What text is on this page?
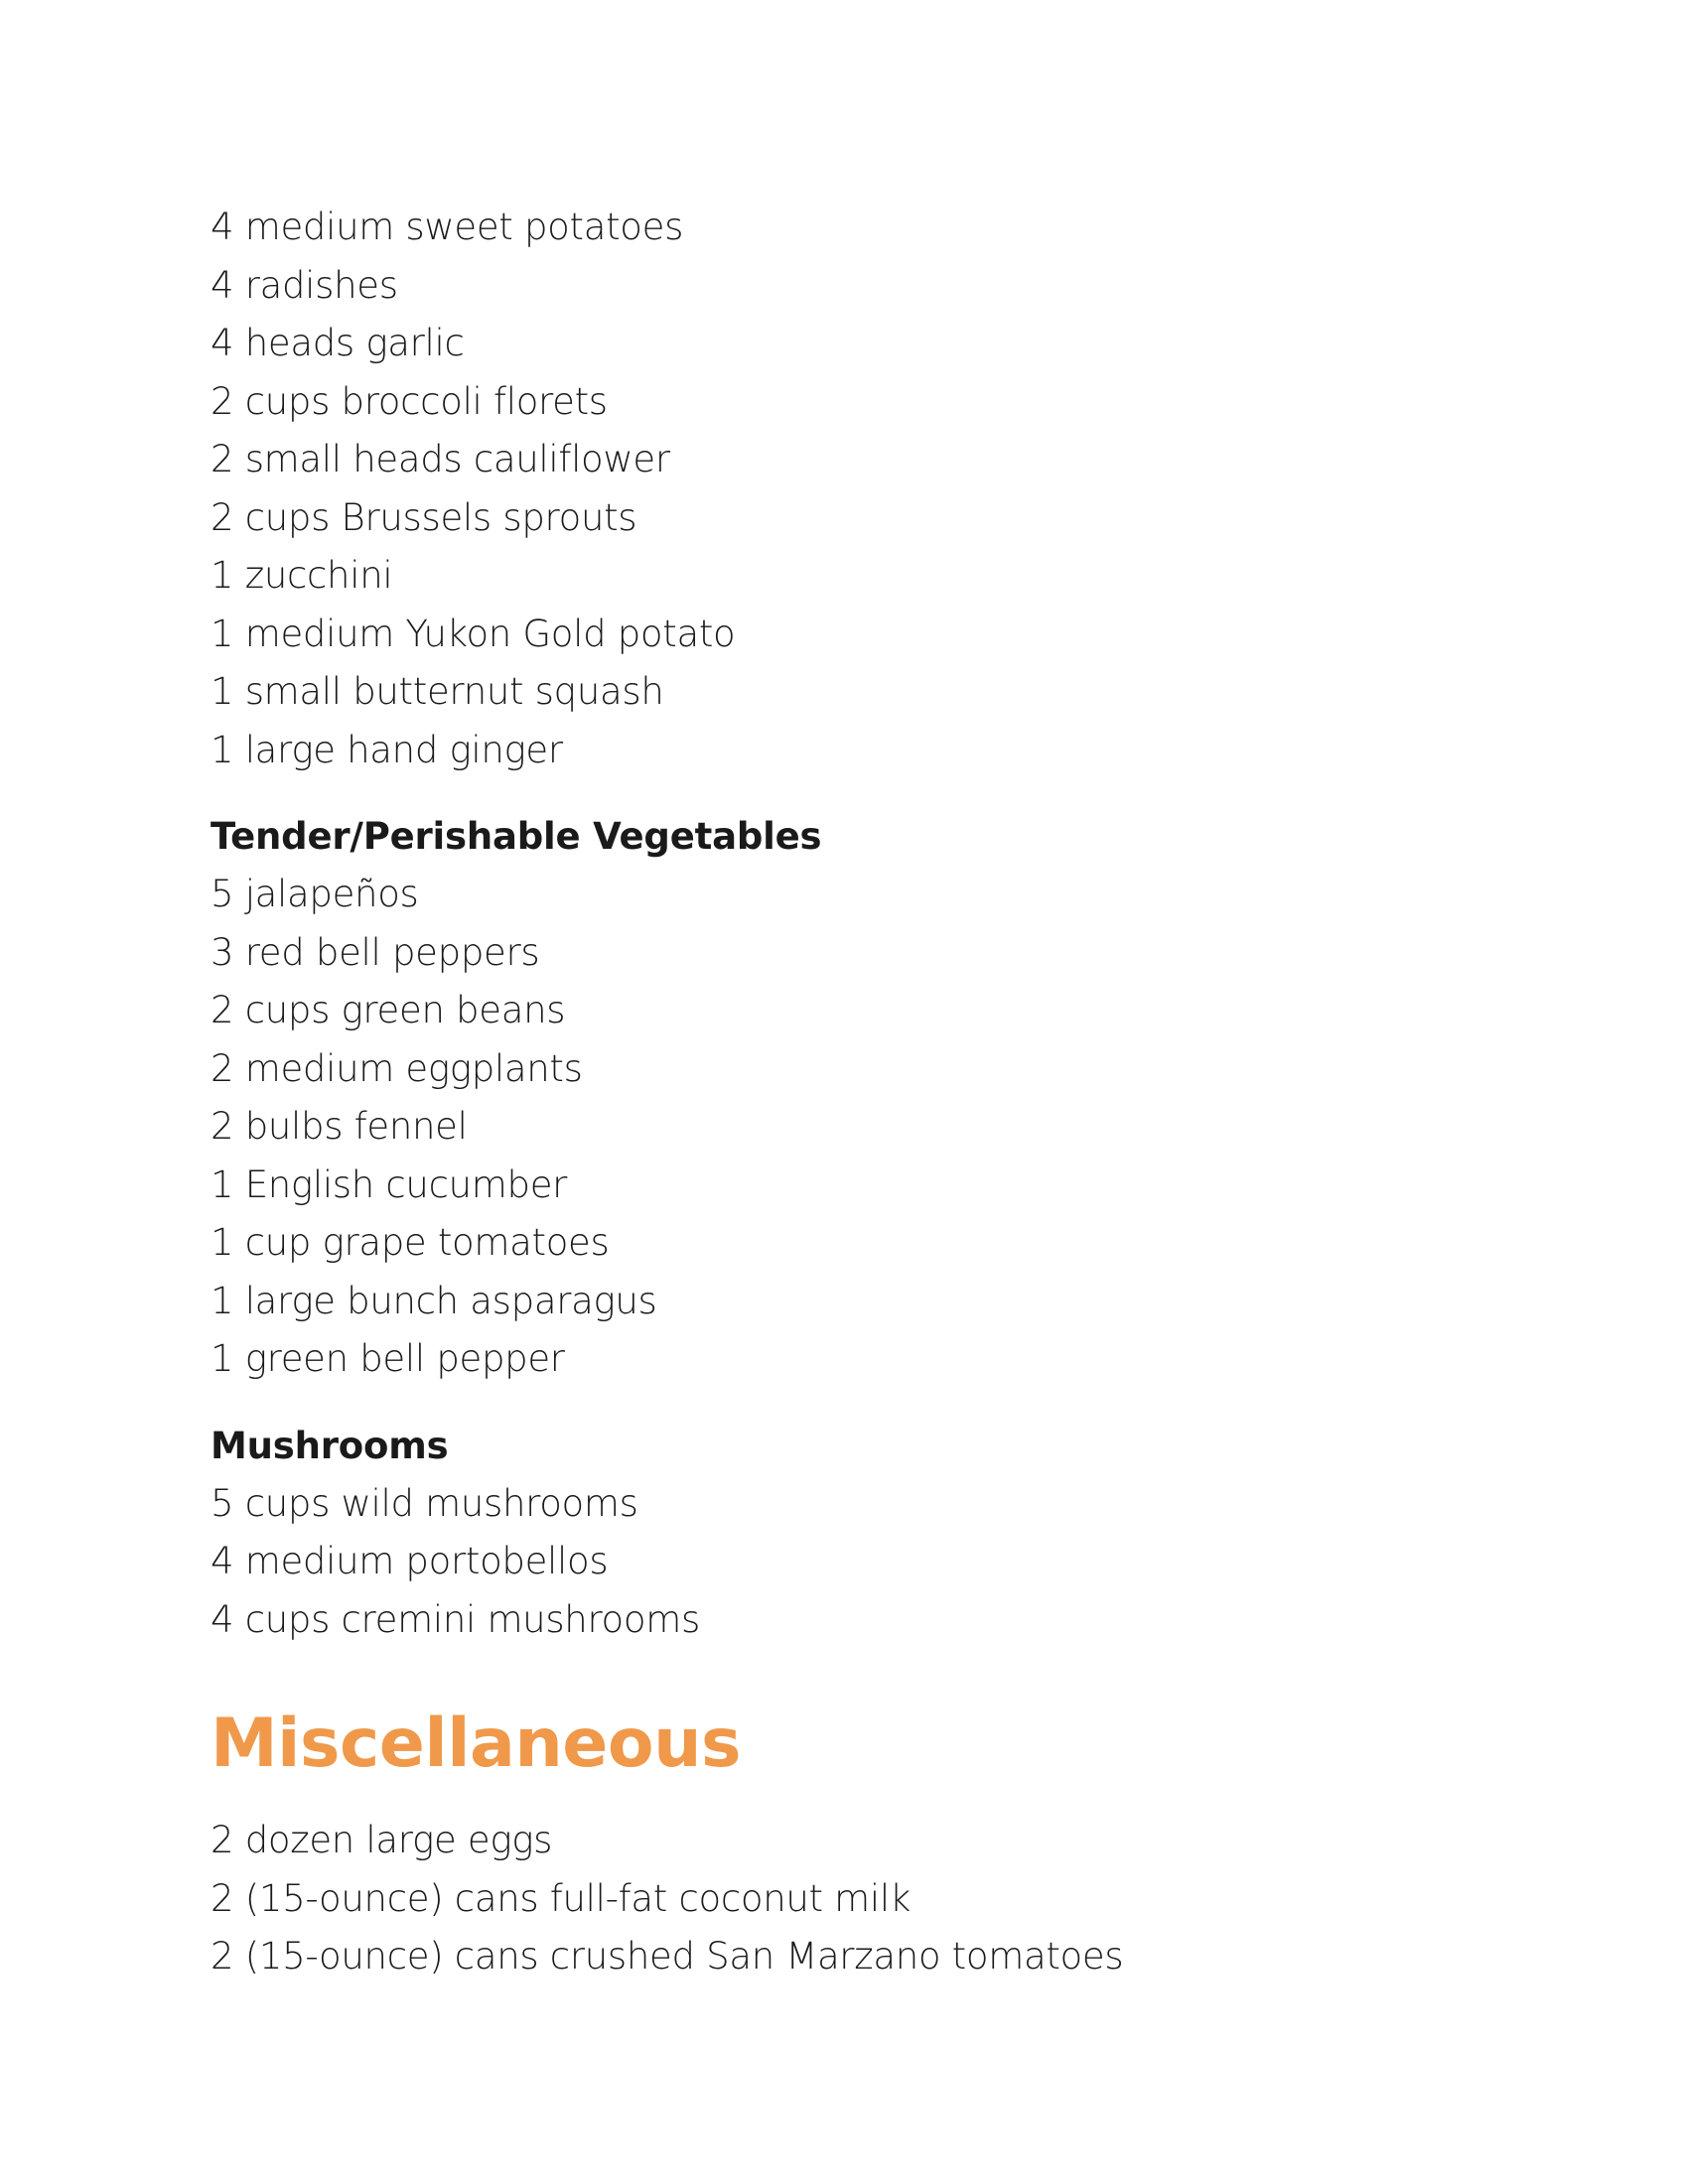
4 medium sweet potatoes
4 radishes
4 heads garlic
2 cups broccoli florets
2 small heads cauliflower
2 cups Brussels sprouts
1 zucchini
1 medium Yukon Gold potato
1 small butternut squash
1 large hand ginger
Tender/Perishable Vegetables
5 jalapeños
3 red bell peppers
2 cups green beans
2 medium eggplants
2 bulbs fennel
1 English cucumber
1 cup grape tomatoes
1 large bunch asparagus
1 green bell pepper
Mushrooms
5 cups wild mushrooms
4 medium portobellos
4 cups cremini mushrooms
Miscellaneous
2 dozen large eggs
2 (15-ounce) cans full-fat coconut milk
2 (15-ounce) cans crushed San Marzano tomatoes
